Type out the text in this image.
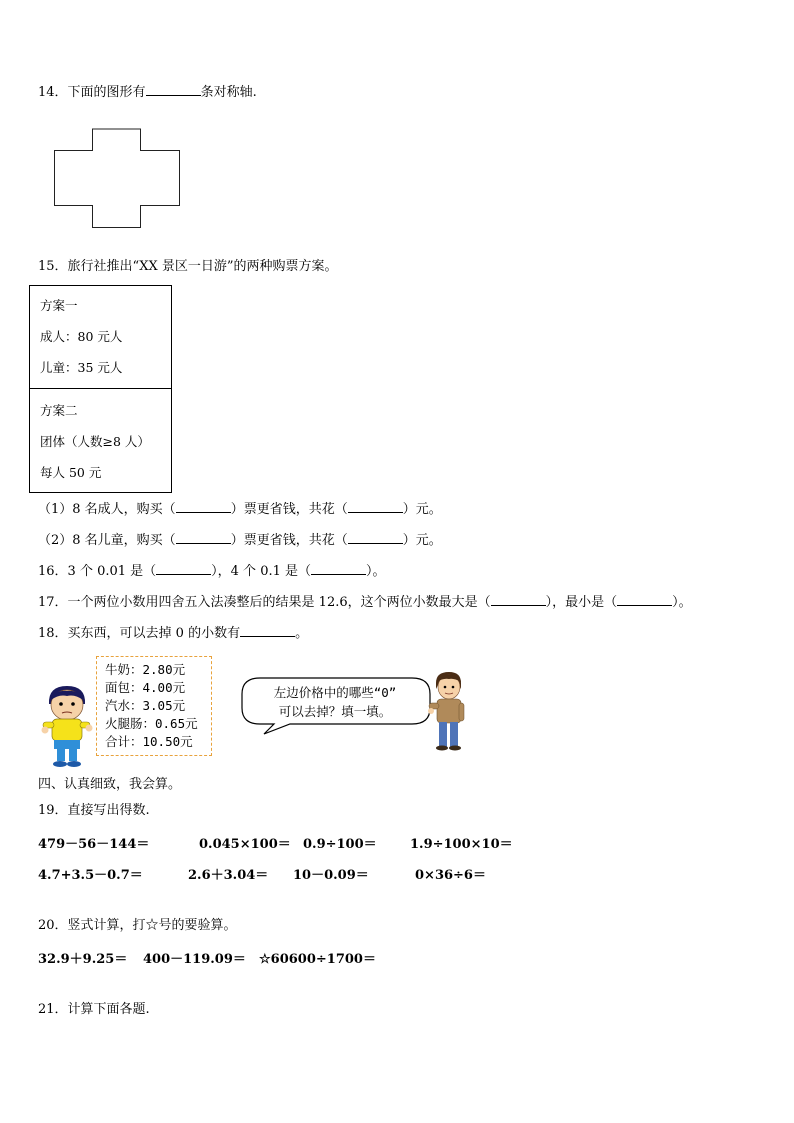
14．下面的图形有	条对称轴.
15．旅行社推出“XX 景区一日游”的两种购票方案。
方案一
成人：80 元人
儿童：35 元人
方案二
团体（人数≥8 人）
每人 50 元
（1）8 名成人，购买（	）票更省钱，共花（	）元。
（2）8 名儿童，购买（	）票更省钱，共花（	）元。
16．3 个 0.01 是（	），4 个 0.1 是（	）。
17．一个两位小数用四舍五入法凑整后的结果是 12.6，这个两位小数最大是（	），最小是（	）。
18．买东西，可以去掉 0 的小数有	。
牛奶：2.80元
面包：4.00元
汽水：3.05元
火腿肠：0.65元
合计：10.50元
左边价格中的哪些“0”
可以去掉？填一填。
四、认真细致，我会算。
19．直接写出得数.
479－56－144＝	0.045×100＝ 0.9÷100＝	1.9÷100×10＝
4.7+3.5－0.7＝	2.6＋3.04＝ 10－0.09＝	0×36÷6＝
20．竖式计算，打☆号的要验算。
32.9＋9.25＝ 400－119.09＝ ☆60600÷1700＝
21．计算下面各题.
